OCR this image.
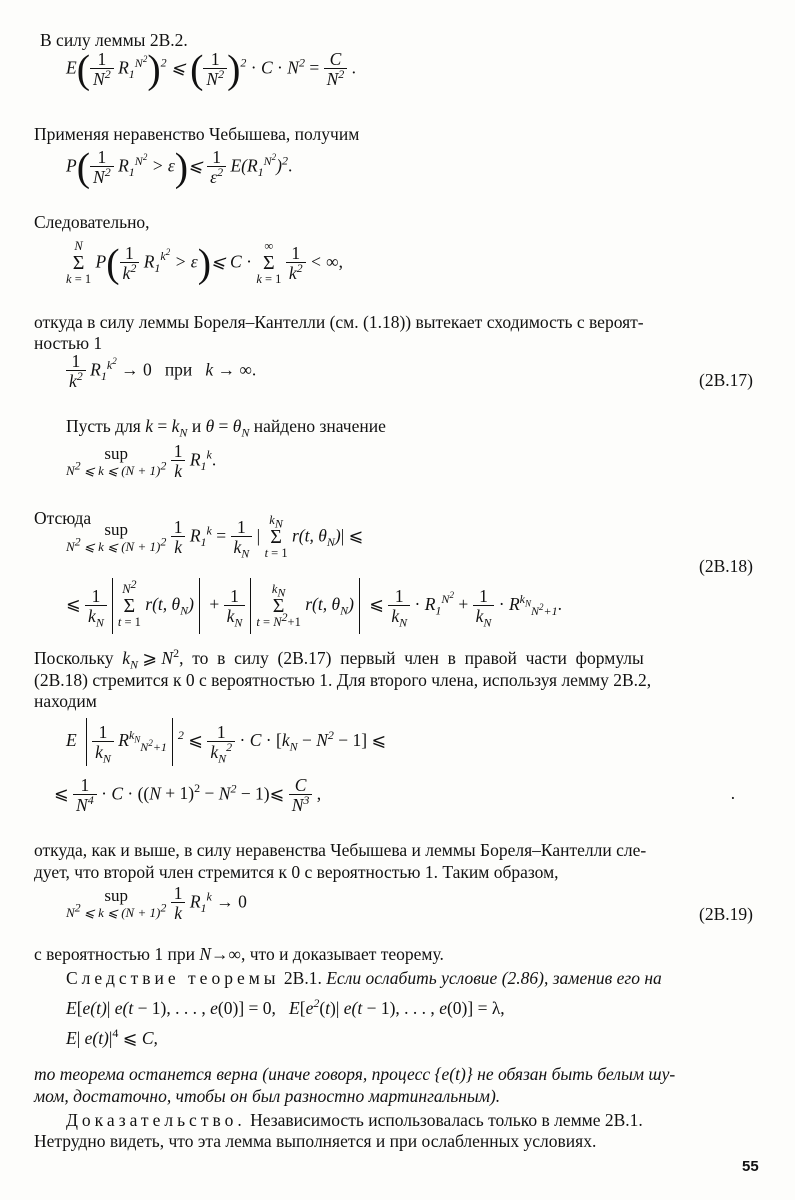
В силу леммы 2В.2.
$E( \frac{1}{N^2} R_1^{N^2})^2$ ⩽ ( $\frac{1}{N^2} )^2 \cdot C \cdot N^2 = \frac{C}{N^2}$ .
Применяя неравенство Чебышева, получим
$P( \frac{1}{N^2} R_1^{N^2}$ > ε)⩽ $\frac{1}{\varepsilon^2} E(R_1^{N^2})^2$.
Следовательно,
N
Σ
k = 1
$P( \frac{1}{k^2} R_1^{k^2}$ > ε)⩽ C ·
∞
Σ
k = 1
$\frac{1}{k^2}$ < ∞,
откуда в силу леммы Бореля–Кантелли (см. (1.18)) вытекает сходимость с вероят-
ностью 1
$\frac{1}{k^2} R_1^{k^2} \to 0$   при   k → ∞.
(2В.17)
Пусть для $k = k_N$ и $\theta = \theta_N$ найдено значение
sup
$N^2$ ⩽ k ⩽ $(N + 1)^2$
$\frac{1}{k} R_1^k$.
Отсюда
sup
$N^2$ ⩽ k ⩽ $(N + 1)^2$
$\frac{1}{k} R_1^k = \frac{1}{k_N}$ |
$k_N$
Σ
t = 1
r(t, $\theta_N)|$ ⩽
(2В.18)
⩽ $\frac{1}{k_N} N^2$
Σ
t = 1
r(t, $\theta_N) + \frac{1}{k_N} k_N$
Σ
$t = N^2+1$
r(t, $\theta_N$) ⩽ $\frac{1}{k_N} \cdot R_1^{N^2} + \frac{1}{k_N} \cdot R^{k_N}_{N^2+1}$.
Поскольку  $k_N$ ⩾ $N^2$,  то  в  силу  (2В.17)  первый  член  в  правой  части  формулы
(2В.18) стремится к 0 с вероятностью 1. Для второго члена, используя лемму 2В.2,
находим
E $\frac{1}{k_N} R^{k_N}_{N^2+1}^2$ ⩽ $\frac{1}{k_N^2} \cdot C \cdot [k_N - N^2 - 1]$ ⩽
⩽ $\frac{1}{N^4} \cdot C \cdot ((N + 1)^2 - N^2$ − 1)⩽ $\frac{C}{N^3}$ ,	·
откуда, как и выше, в силу неравенства Чебышева и леммы Бореля–Кантелли сле-
дует, что второй член стремится к 0 с вероятностью 1. Таким образом,
sup
$N^2$ ⩽ k ⩽ $(N + 1)^2$
$\frac{1}{k} R_1^k \to 0$
(2В.19)
с вероятностью 1 при N→∞, что и доказывает теорему.
Следствие теоремы 2В.1. Если ослабить условие (2.86), заменив его на
E[e(t)| e(t − 1), . . . , e(0)] = 0,   $E[e^2(t)|$ e(t − 1), . . . , e(0)] = λ,
E| $e(t)|^4$ ⩽ C,
то теорема останется верна (иначе говоря, процесс {e(t)} не обязан быть белым шу-
мом, достаточно, чтобы он был разностно мартингальным).
Доказательство. Независимость использовалась только в лемме 2В.1.
Нетрудно видеть, что эта лемма выполняется и при ослабленных условиях.
55
